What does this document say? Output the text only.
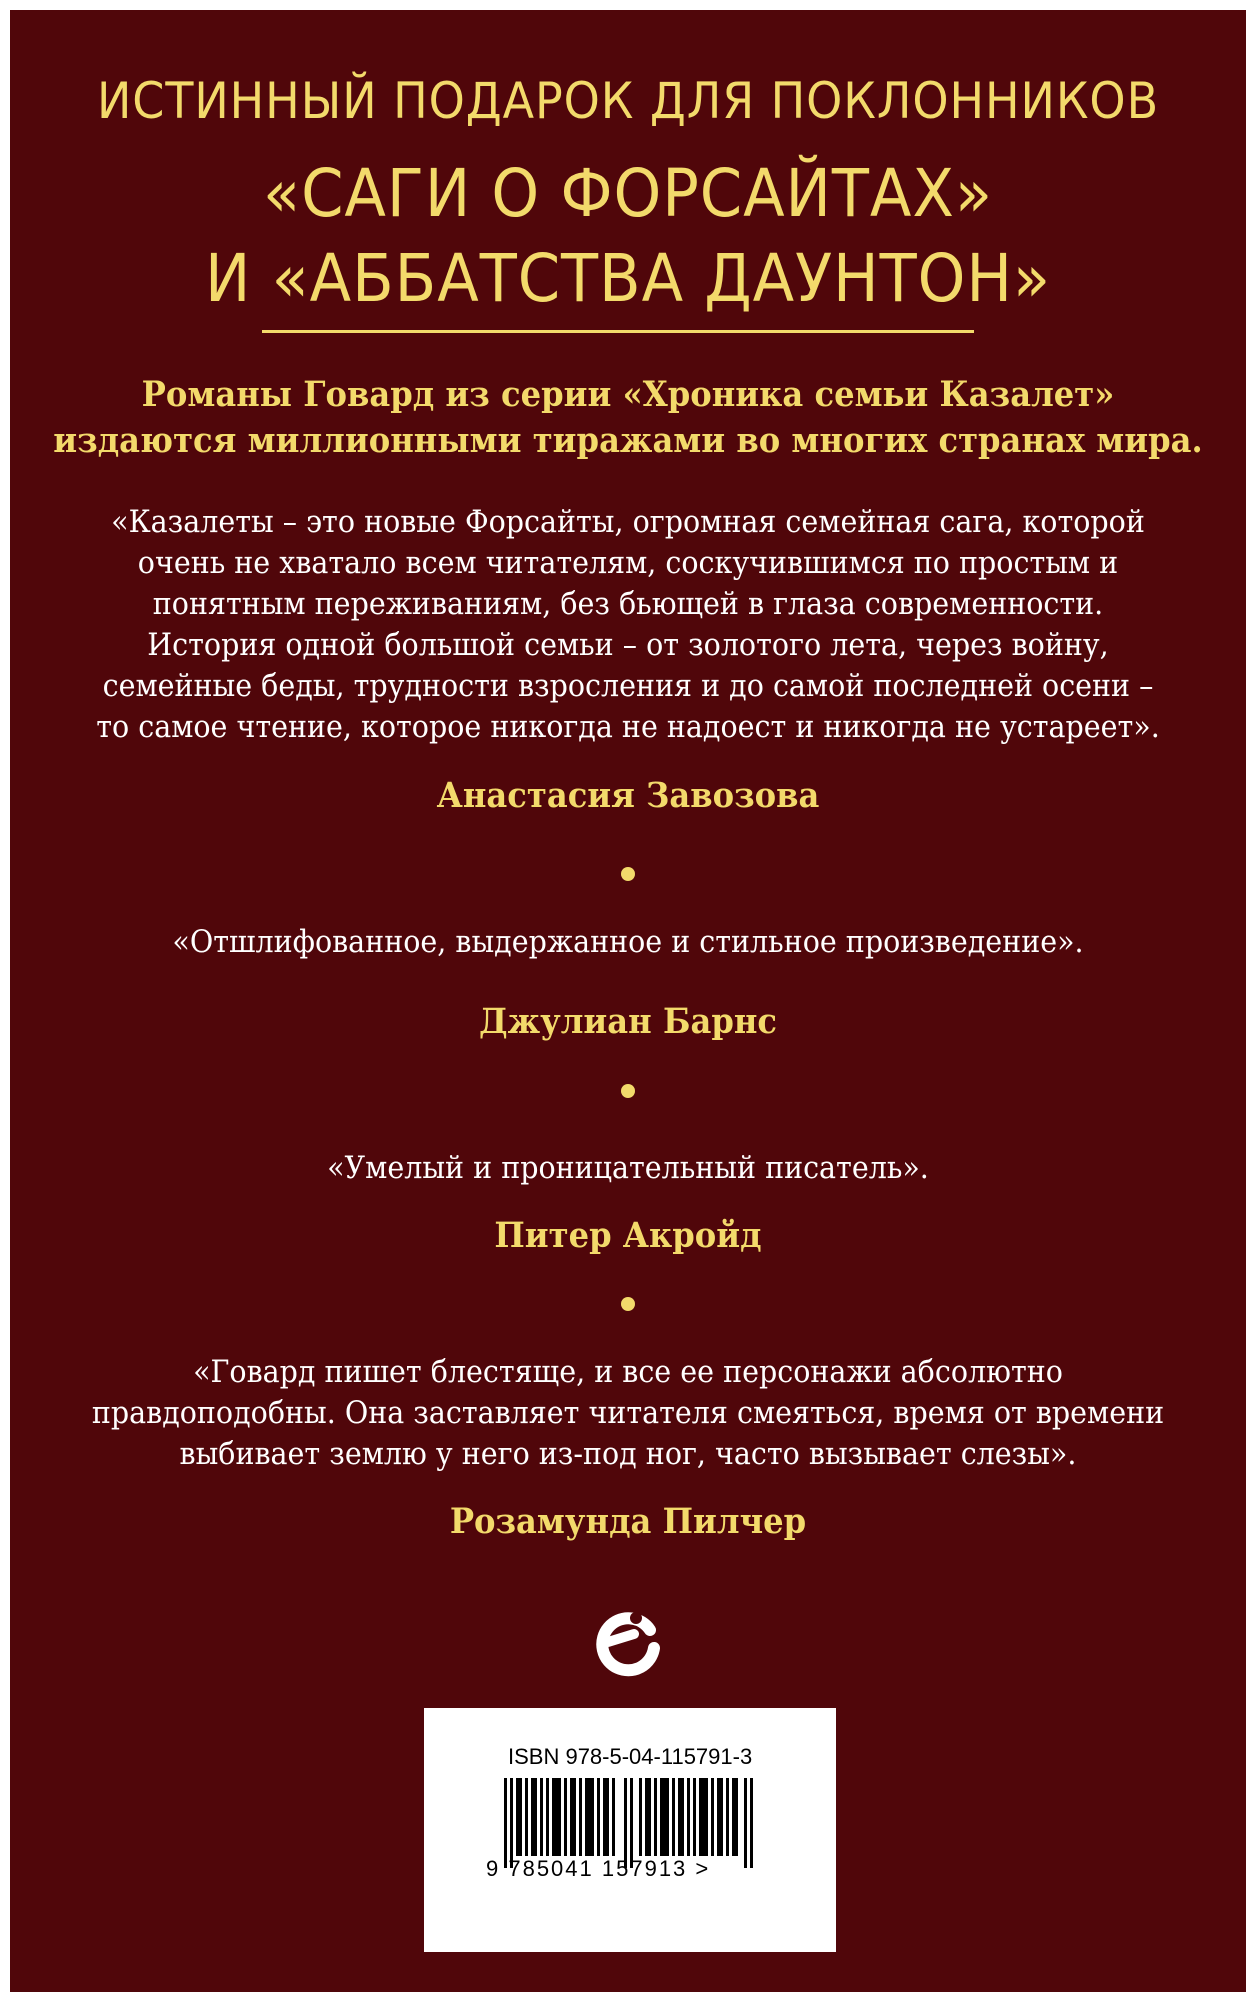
ИСТИННЫЙ ПОДАРОК ДЛЯ ПОКЛОННИКОВ
«САГИ О ФОРСАЙТАХ»
И «АББАТСТВА ДАУНТОН»
Романы Говард из серии «Хроника семьи Казалет»
издаются миллионными тиражами во многих странах мира.
«Казалеты – это новые Форсайты, огромная семейная сага, которой
очень не хватало всем читателям, соскучившимся по простым и
понятным переживаниям, без бьющей в глаза современности.
История одной большой семьи – от золотого лета, через войну,
семейные беды, трудности взросления и до самой последней осени –
то самое чтение, которое никогда не надоест и никогда не устареет».
Анастасия Завозова
«Отшлифованное, выдержанное и стильное произведение».
Джулиан Барнс
«Умелый и проницательный писатель».
Питер Акройд
«Говард пишет блестяще, и все ее персонажи абсолютно
правдоподобны. Она заставляет читателя смеяться, время от времени
выбивает землю у него из-под ног, часто вызывает слезы».
Розамунда Пилчер
ISBN 978-5-04-115791-3
9 785041 157913 >
